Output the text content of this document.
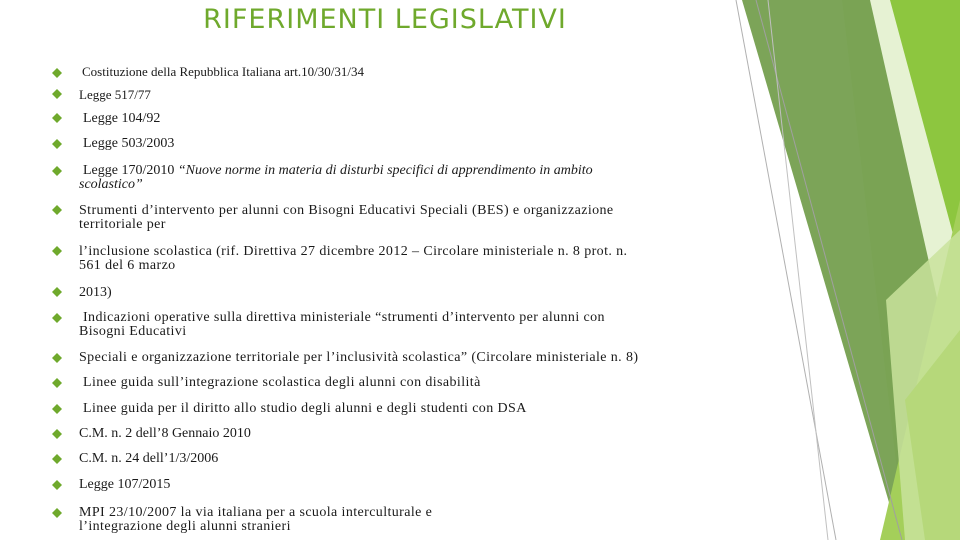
RIFERIMENTI LEGISLATIVI
Costituzione della Repubblica Italiana art.10/30/31/34
Legge 517/77
Legge 104/92
Legge 503/2003
Legge 170/2010 “Nuove norme in materia di disturbi specifici di apprendimento in ambito
scolastico”
Strumenti d’intervento per alunni con Bisogni Educativi Speciali (BES) e organizzazione
territoriale per
l’inclusione scolastica (rif. Direttiva 27 dicembre 2012 – Circolare ministeriale n. 8 prot. n.
561 del 6 marzo
2013)
Indicazioni operative sulla direttiva ministeriale “strumenti d’intervento per alunni con
Bisogni Educativi
Speciali e organizzazione territoriale per l’inclusività scolastica” (Circolare ministeriale n. 8)
Linee guida sull’integrazione scolastica degli alunni con disabilità
Linee guida per il diritto allo studio degli alunni e degli studenti con DSA
C.M. n. 2 dell’8 Gennaio 2010
C.M. n. 24 dell’1/3/2006
Legge 107/2015
MPI 23/10/2007 la via italiana per a scuola interculturale e
l’integrazione degli alunni stranieri
